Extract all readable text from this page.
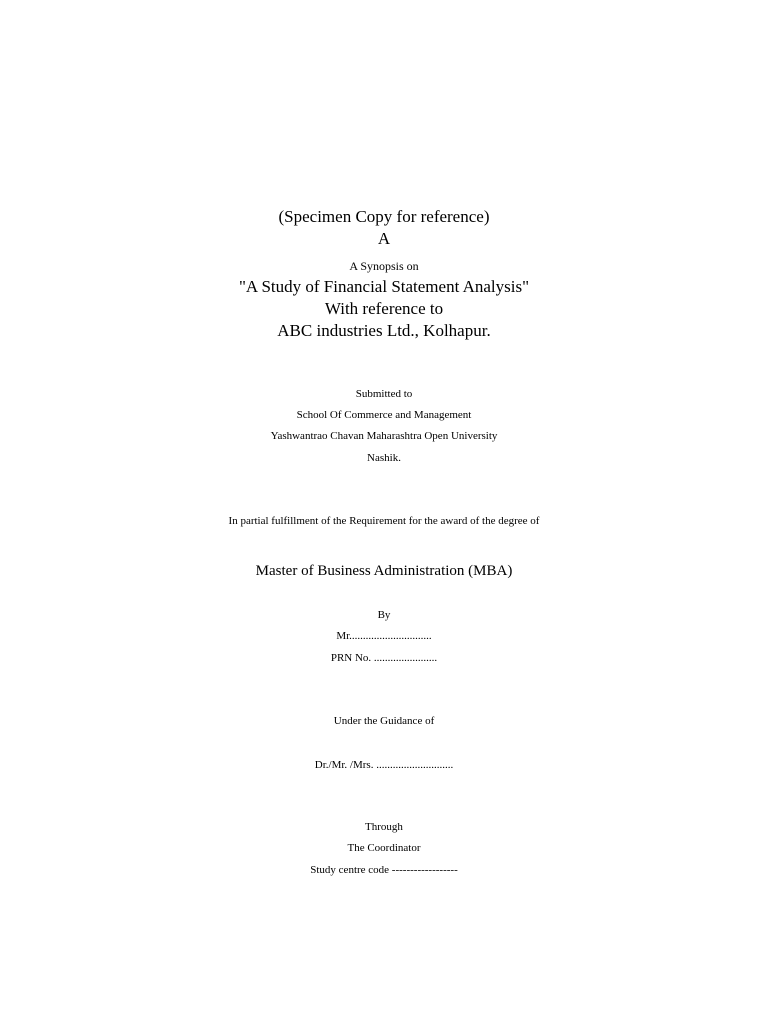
(Specimen Copy for reference)
A
A Synopsis on
"A Study of Financial Statement Analysis"
With reference to
ABC industries Ltd., Kolhapur.
Submitted to
School Of Commerce and Management
Yashwantrao Chavan Maharashtra Open University
Nashik.
In partial fulfillment of the Requirement for the award of the degree of
Master of Business Administration (MBA)
By
Mr..............................
PRN No. .......................
Under the Guidance of
Dr./Mr. /Mrs. ............................
Through
The Coordinator
Study centre code ------------------
